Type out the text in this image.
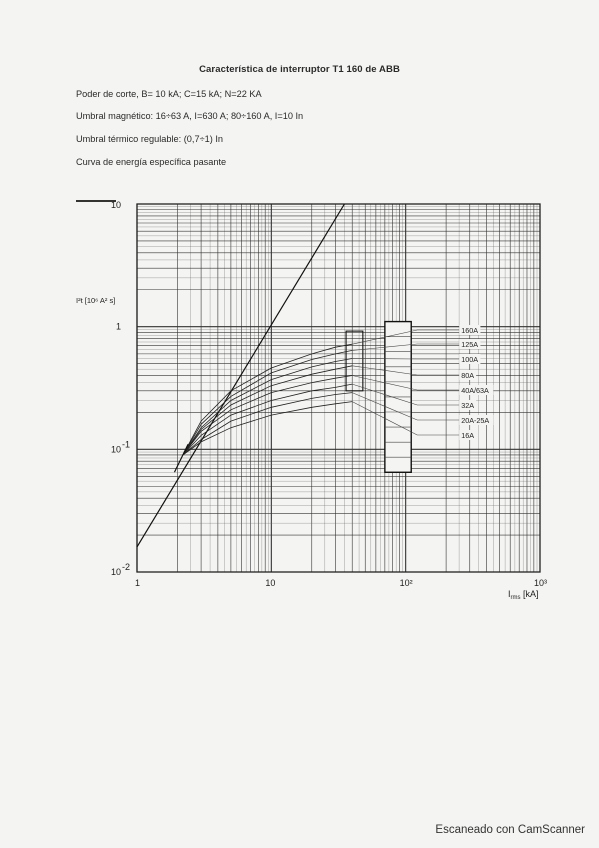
Característica de interruptor T1 160 de ABB
Poder de corte, B= 10 kA; C=15 kA; N=22 KA
Umbral magnético: 16÷63 A, I=630 A; 80÷160 A, I=10 In
Umbral térmico regulable: (0,7÷1) In
Curva de energía específica pasante
160A
125A
100A
80A
40A/63A
32A
20A-25A
16A
1	10	10²	10³
10
1
10 -1
10 -2
I²t [10⁶ A² s]
$I_{rms}$ [kA]
Escaneado con CamScanner
